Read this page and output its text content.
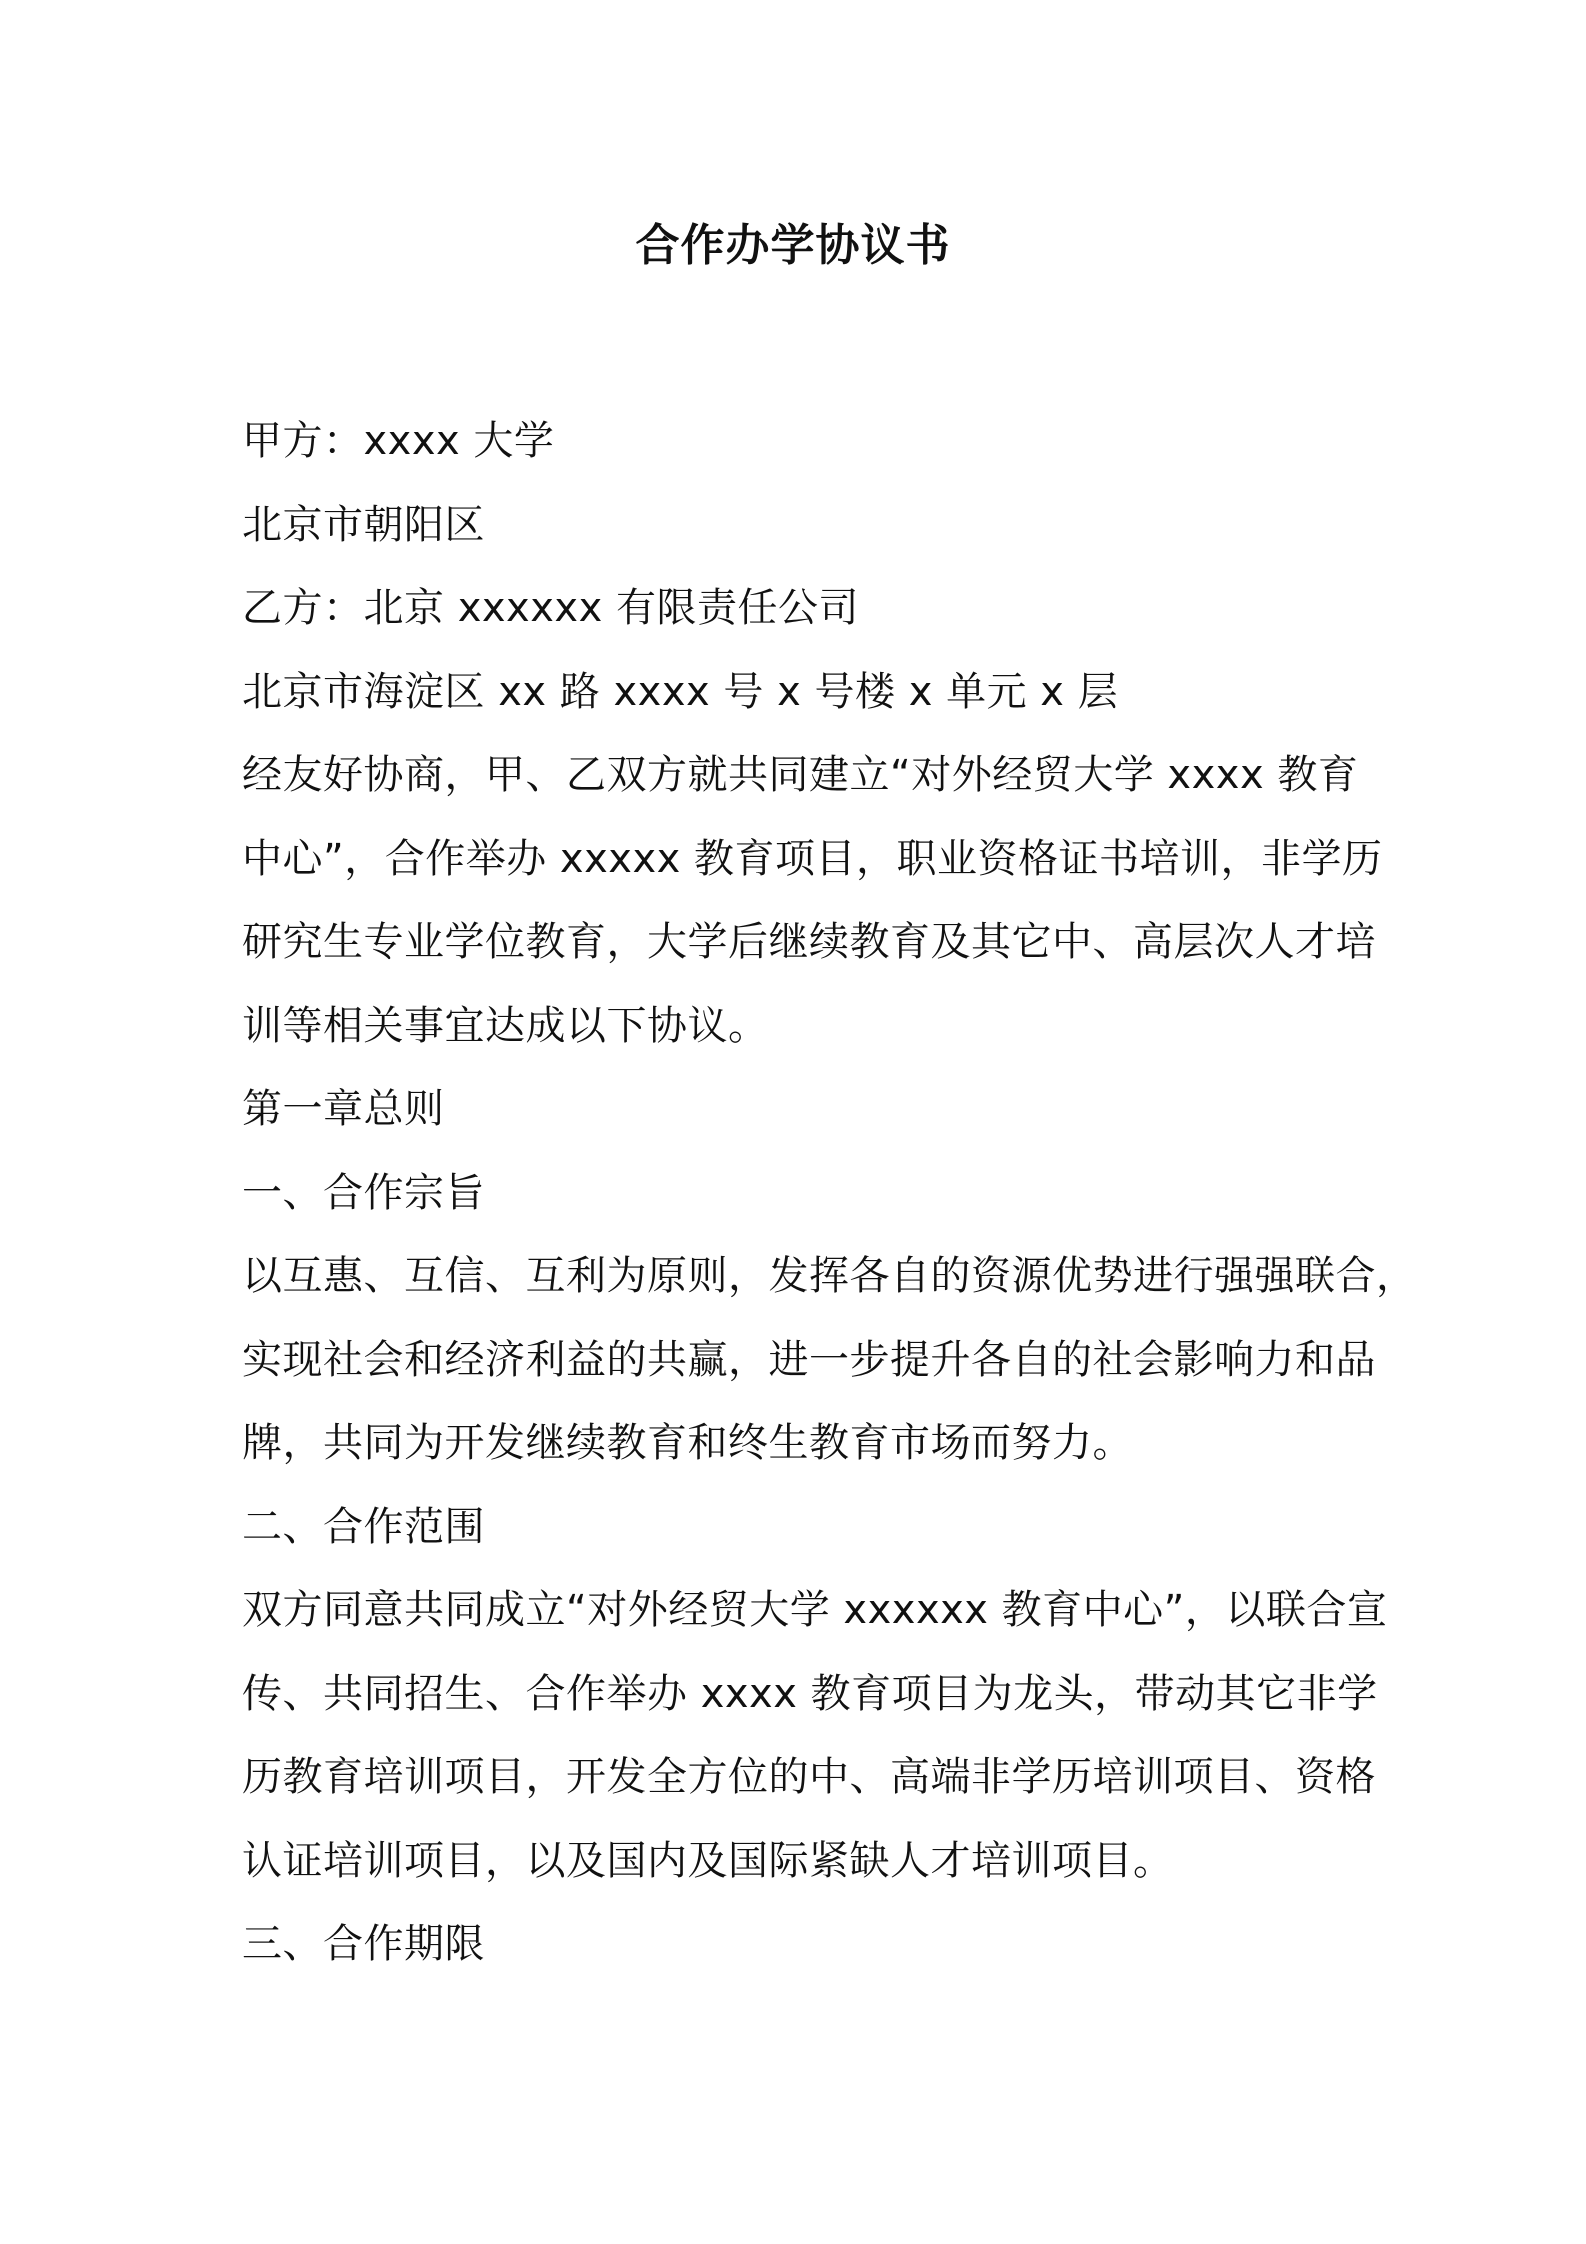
合作办学协议书
甲方：xxxx 大学
北京市朝阳区
乙方：北京 xxxxxx 有限责任公司
北京市海淀区 xx 路 xxxx 号 x 号楼 x 单元 x 层
经友好协商，甲、乙双方就共同建立“对外经贸大学 xxxx 教育
中心”，合作举办 xxxxx 教育项目，职业资格证书培训，非学历
研究生专业学位教育，大学后继续教育及其它中、高层次人才培
训等相关事宜达成以下协议。
第一章总则
一、合作宗旨
以互惠、互信、互利为原则，发挥各自的资源优势进行强强联合，
实现社会和经济利益的共赢，进一步提升各自的社会影响力和品
牌，共同为开发继续教育和终生教育市场而努力。
二、合作范围
双方同意共同成立“对外经贸大学 xxxxxx 教育中心”，以联合宣
传、共同招生、合作举办 xxxx 教育项目为龙头，带动其它非学
历教育培训项目，开发全方位的中、高端非学历培训项目、资格
认证培训项目，以及国内及国际紧缺人才培训项目。
三、合作期限
